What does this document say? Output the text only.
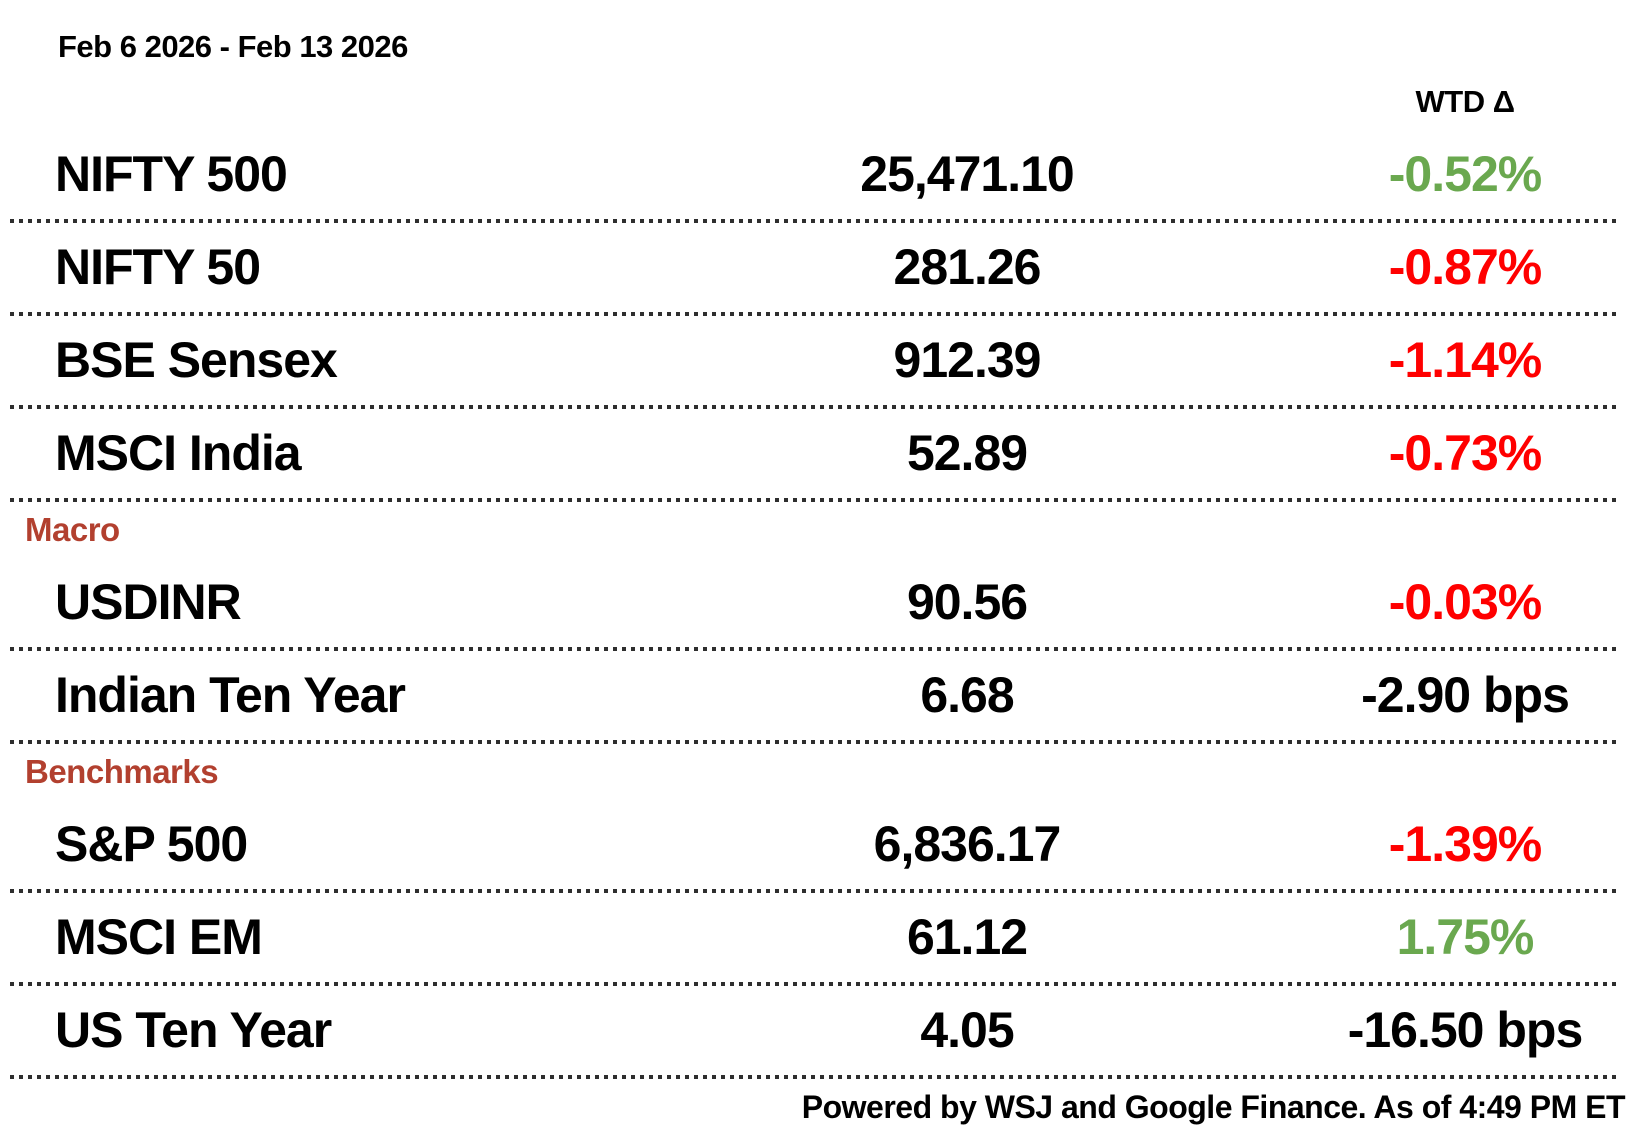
Feb 6 2026 - Feb 13 2026
WTD Δ
NIFTY 500	25,471.10	-0.52%
NIFTY 50	281.26	-0.87%
BSE Sensex	912.39	-1.14%
MSCI India	52.89	-0.73%
Macro
USDINR	90.56	-0.03%
Indian Ten Year	6.68	-2.90 bps
Benchmarks
S&P 500	6,836.17	-1.39%
MSCI EM	61.12	1.75%
US Ten Year	4.05	-16.50 bps
Powered by WSJ and Google Finance. As of 4:49 PM ET
